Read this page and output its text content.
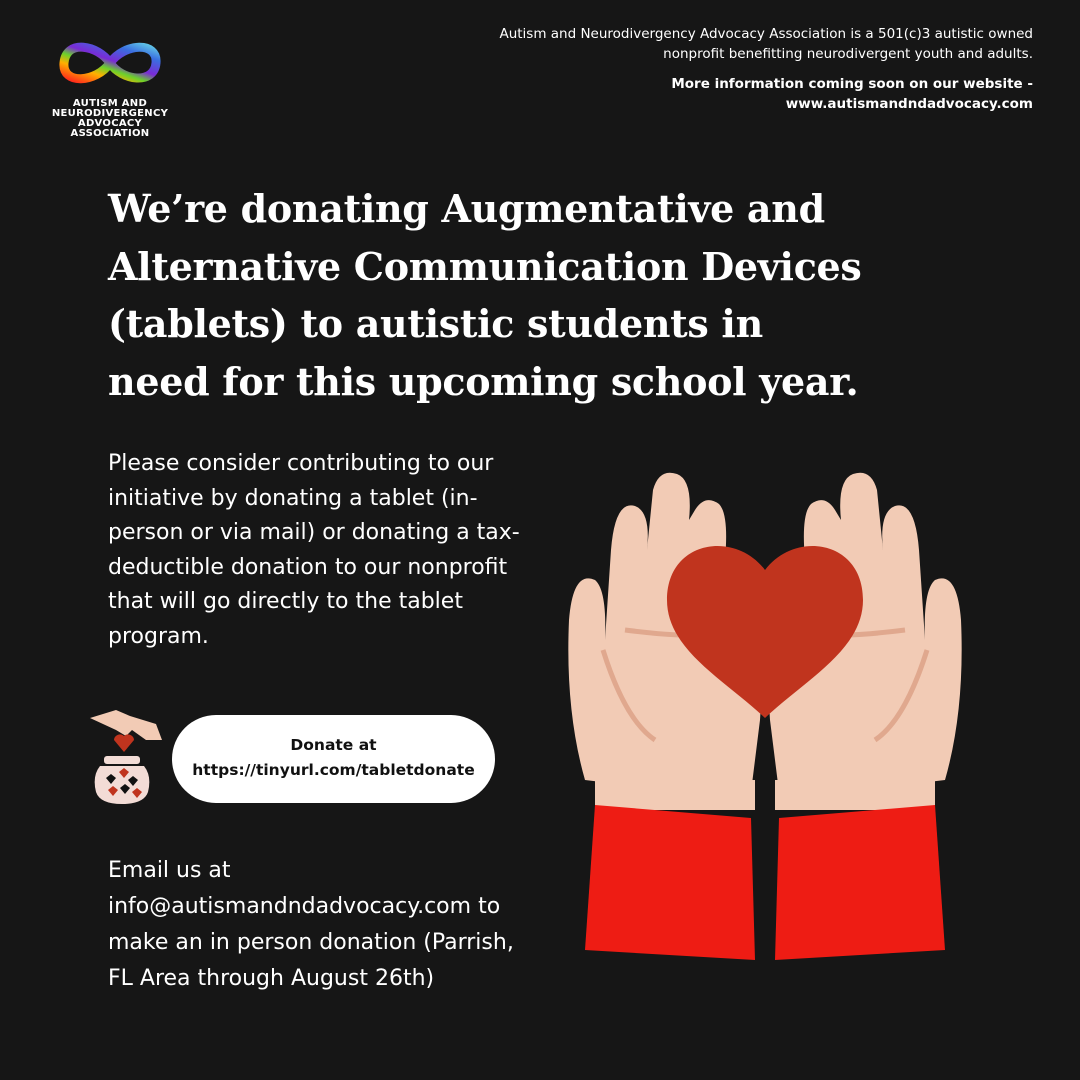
AUTISM AND
NEURODIVERGENCY
ADVOCACY
ASSOCIATION

Autism and Neurodivergency Advocacy Association is a 501(c)3 autistic owned nonprofit benefitting neurodivergent youth and adults.

More information coming soon on our website - www.autismandndadvocacy.com

We’re donating Augmentative and Alternative Communication Devices (tablets) to autistic students in need for this upcoming school year.

Please consider contributing to our initiative by donating a tablet (in-person or via mail) or donating a tax-deductible donation to our nonprofit that will go directly to the tablet program.

Donate at
https://tinyurl.com/tabletdonate

Email us at info@autismandndadvocacy.com to make an in person donation (Parrish, FL Area through August 26th)
